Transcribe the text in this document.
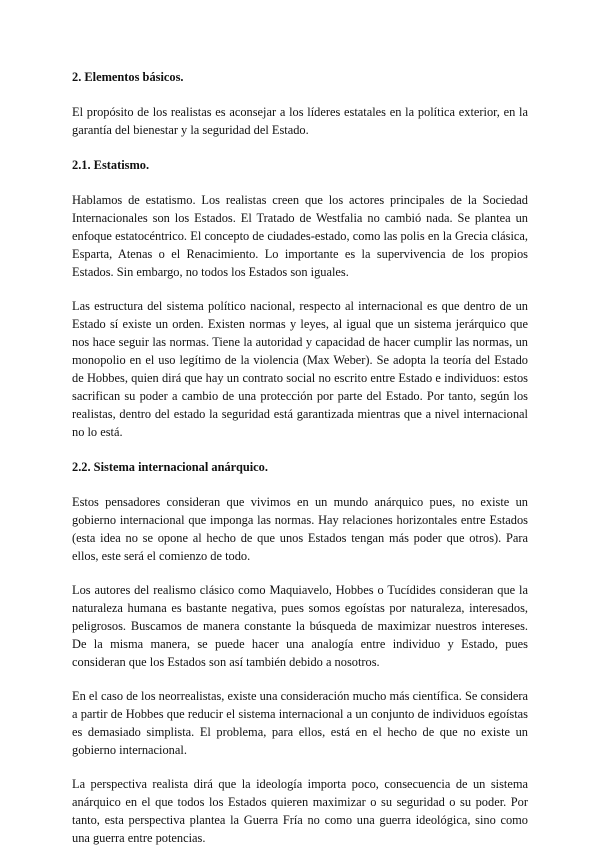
2. Elementos básicos.

El propósito de los realistas es aconsejar a los líderes estatales en la política exterior, en la garantía del bienestar y la seguridad del Estado.

2.1. Estatismo.

Hablamos de estatismo. Los realistas creen que los actores principales de la Sociedad Internacionales son los Estados. El Tratado de Westfalia no cambió nada. Se plantea un enfoque estatocéntrico. El concepto de ciudades-estado, como las polis en la Grecia clásica, Esparta, Atenas o el Renacimiento. Lo importante es la supervivencia de los propios Estados. Sin embargo, no todos los Estados son iguales.

Las estructura del sistema político nacional, respecto al internacional es que dentro de un Estado sí existe un orden. Existen normas y leyes, al igual que un sistema jerárquico que nos hace seguir las normas. Tiene la autoridad y capacidad de hacer cumplir las normas, un monopolio en el uso legítimo de la violencia (Max Weber). Se adopta la teoría del Estado de Hobbes, quien dirá que hay un contrato social no escrito entre Estado e individuos: estos sacrifican su poder a cambio de una protección por parte del Estado. Por tanto, según los realistas, dentro del estado la seguridad está garantizada mientras que a nivel internacional no lo está.

2.2. Sistema internacional anárquico.

Estos pensadores consideran que vivimos en un mundo anárquico pues, no existe un gobierno internacional que imponga las normas. Hay relaciones horizontales entre Estados (esta idea no se opone al hecho de que unos Estados tengan más poder que otros). Para ellos, este será el comienzo de todo.

Los autores del realismo clásico como Maquiavelo, Hobbes o Tucídides consideran que la naturaleza humana es bastante negativa, pues somos egoístas por naturaleza, interesados, peligrosos. Buscamos de manera constante la búsqueda de maximizar nuestros intereses. De la misma manera, se puede hacer una analogía entre individuo y Estado, pues consideran que los Estados son así también debido a nosotros.

En el caso de los neorrealistas, existe una consideración mucho más científica. Se considera a partir de Hobbes que reducir el sistema internacional a un conjunto de individuos egoístas es demasiado simplista. El problema, para ellos, está en el hecho de que no existe un gobierno internacional.

La perspectiva realista dirá que la ideología importa poco, consecuencia de un sistema anárquico en el que todos los Estados quieren maximizar o su seguridad o su poder. Por tanto, esta perspectiva plantea la Guerra Fría no como una guerra ideológica, sino como una guerra entre potencias.
